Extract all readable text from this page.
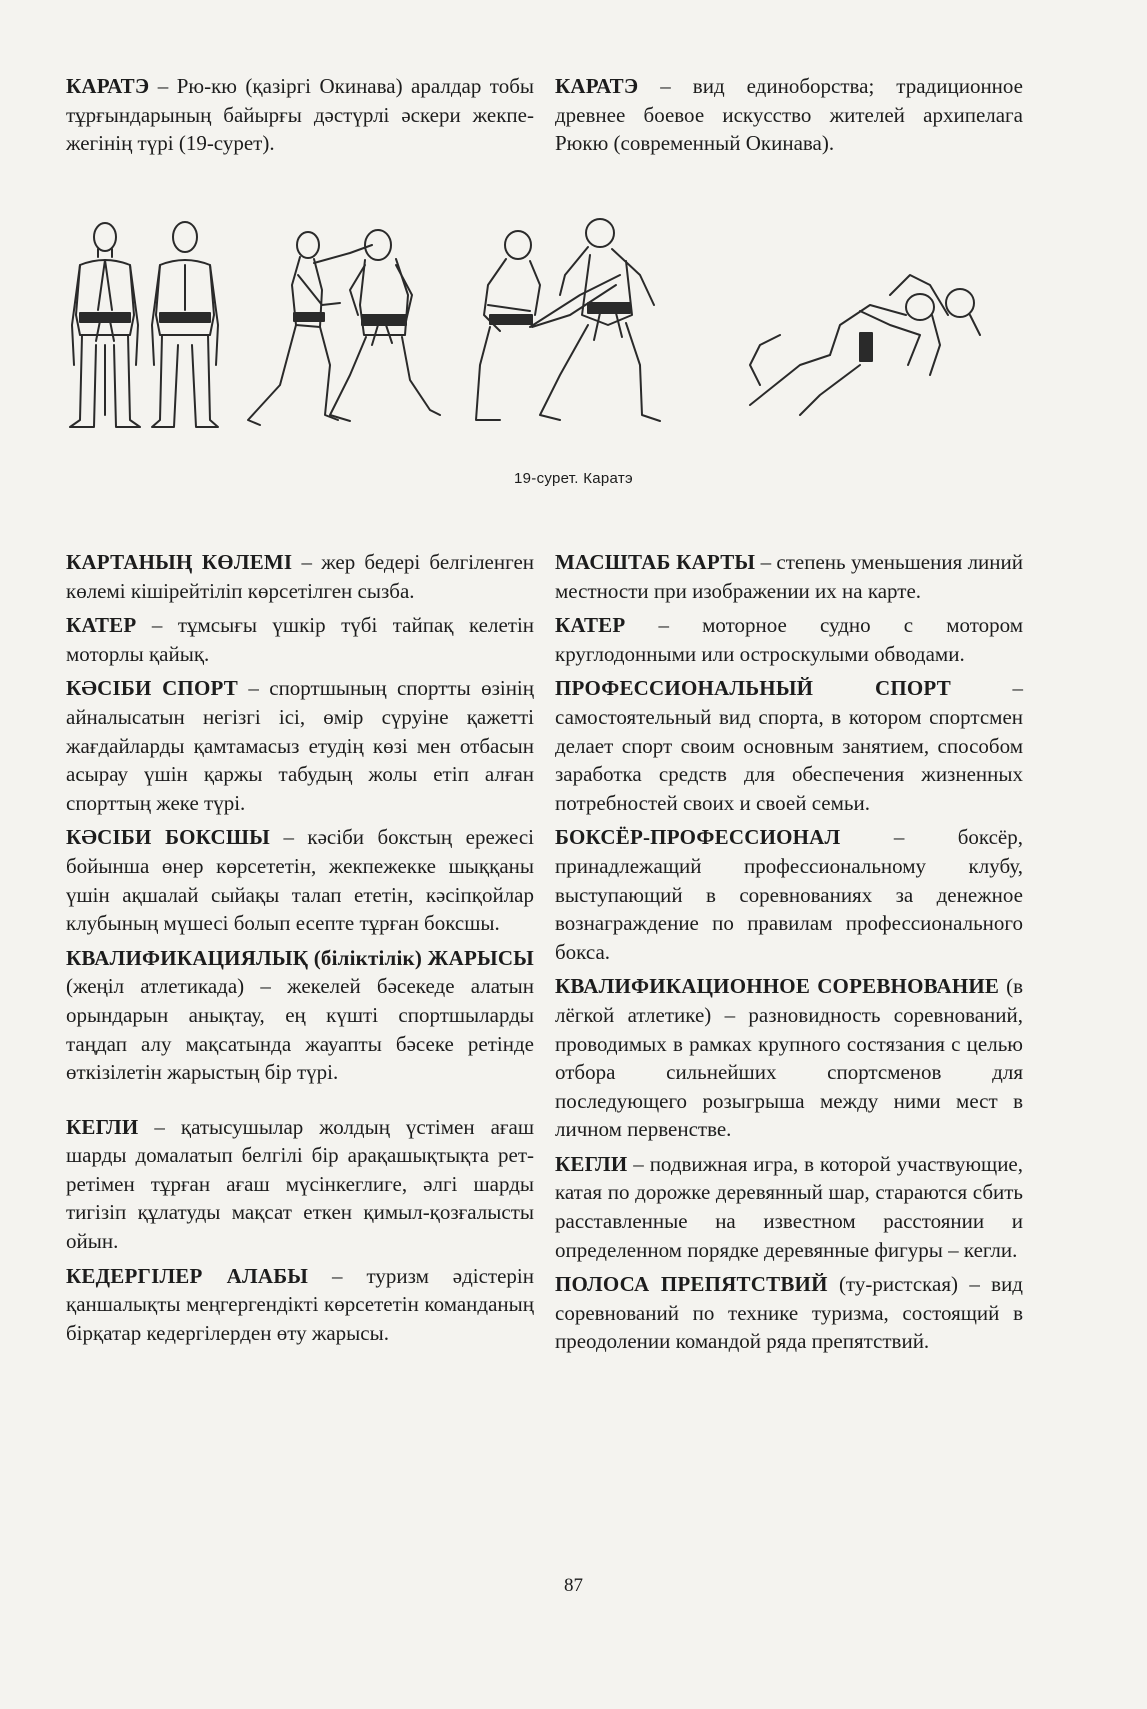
КАРАТЭ – Рю-кю (қазіргі Окинава) аралдар тобы тұрғындарының байырғы дәстүрлі әскери жекпе-жегінің түрі (19-сурет).

КАРАТЭ – вид единоборства; традиционное древнее боевое искусство жителей архипелага Рюкю (современный Окинава).

19-сурет. Каратэ

КАРТАНЫҢ КӨЛЕМІ – жер бедері белгіленген көлемі кішірейтіліп көрсетілген сызба.

КАТЕР – тұмсығы үшкір түбі тайпақ келетін моторлы қайық.

КӘСІБИ СПОРТ – спортшының спортты өзінің айналысатын негізгі ісі, өмір сүруіне қажетті жағдайларды қамтамасыз етудің көзі мен отбасын асырау үшін қаржы табудың жолы етіп алған спорттың жеке түрі.

КӘСІБИ БОКСШЫ – кәсіби бокстың ережесі бойынша өнер көрсететін, жекпежекке шыққаны үшін ақшалай сыйақы талап ететін, кәсіпқойлар клубының мүшесі болып есепте тұрған боксшы.

КВАЛИФИКАЦИЯЛЫҚ (біліктілік) ЖАРЫСЫ (жеңіл атлетикада) – жекелей бәсекеде алатын орындарын анықтау, ең күшті спортшыларды таңдап алу мақсатында жауапты бәсеке ретінде өткізілетін жарыстың бір түрі.

КЕГЛИ – қатысушылар жолдың үстімен ағаш шарды домалатып белгілі бір арақашықтықта рет-ретімен тұрған ағаш мүсінкеглиге, әлгі шарды тигізіп құлатуды мақсат еткен қимыл-қозғалысты ойын.

КЕДЕРГІЛЕР АЛАБЫ – туризм әдістерін қаншалықты меңгергендікті көрсететін команданың бірқатар кедергілерден өту жарысы.

МАСШТАБ КАРТЫ – степень уменьшения линий местности при изображении их на карте.

КАТЕР – моторное судно с мотором круглодонными или остроскулыми обводами.

ПРОФЕССИОНАЛЬНЫЙ СПОРТ – самостоятельный вид спорта, в котором спортсмен делает спорт своим основным занятием, способом заработка средств для обеспечения жизненных потребностей своих и своей семьи.

БОКСЁР-ПРОФЕССИОНАЛ – боксёр, принадлежащий профессиональному клубу, выступающий в соревнованиях за денежное вознаграждение по правилам профессионального бокса.

КВАЛИФИКАЦИОННОЕ СОРЕВНОВАНИЕ (в лёгкой атлетике) – разновидность соревнований, проводимых в рамках крупного состязания с целью отбора сильнейших спортсменов для последующего розыгрыша между ними мест в личном первенстве.

КЕГЛИ – подвижная игра, в которой участвующие, катая по дорожке деревянный шар, стараются сбить расставленные на известном расстоянии и определенном порядке деревянные фигуры – кегли.

ПОЛОСА ПРЕПЯТСТВИЙ (ту-ристская) – вид соревнований по технике туризма, состоящий в преодолении командой ряда препятствий.

87
